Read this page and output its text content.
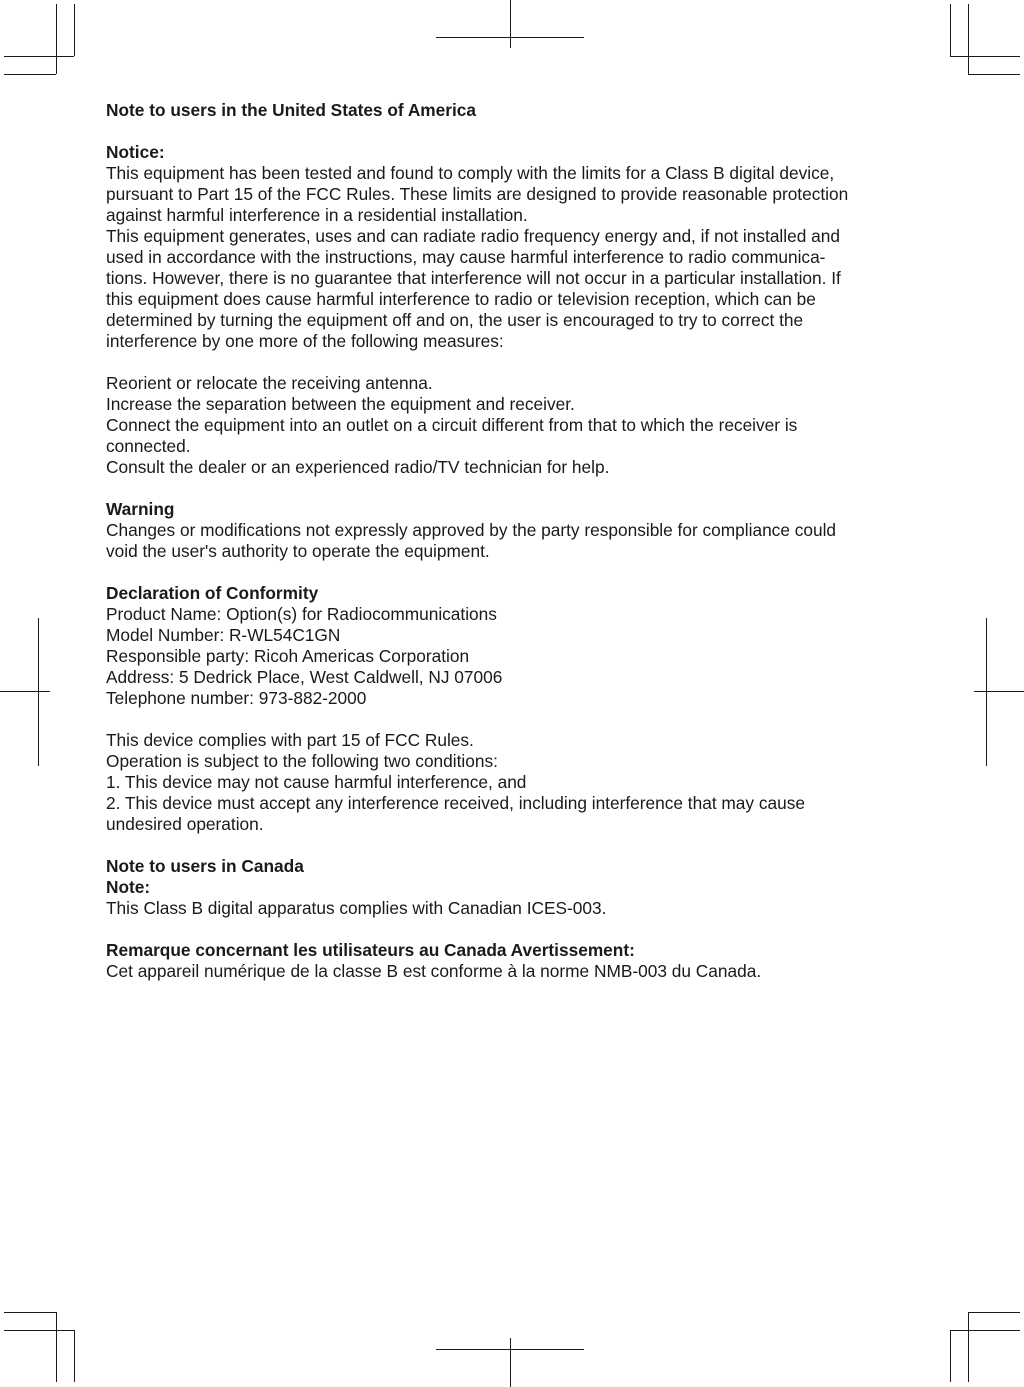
Note to users in the United States of America
Notice:
This equipment has been tested and found to comply with the limits for a Class B digital device,
pursuant to Part 15 of the FCC Rules. These limits are designed to provide reasonable protection
against harmful interference in a residential installation.
This equipment generates, uses and can radiate radio frequency energy and, if not installed and
used in accordance with the instructions, may cause harmful interference to radio communica-
tions. However, there is no guarantee that interference will not occur in a particular installation. If
this equipment does cause harmful interference to radio or television reception, which can be
determined by turning the equipment off and on, the user is encouraged to try to correct the
interference by one more of the following measures:
Reorient or relocate the receiving antenna.
Increase the separation between the equipment and receiver.
Connect the equipment into an outlet on a circuit different from that to which the receiver is
connected.
Consult the dealer or an experienced radio/TV technician for help.
Warning
Changes or modifications not expressly approved by the party responsible for compliance could
void the user's authority to operate the equipment.
Declaration of Conformity
Product Name: Option(s) for Radiocommunications
Model Number: R-WL54C1GN
Responsible party: Ricoh Americas Corporation
Address: 5 Dedrick Place, West Caldwell, NJ 07006
Telephone number: 973-882-2000
This device complies with part 15 of FCC Rules.
Operation is subject to the following two conditions:
1. This device may not cause harmful interference, and
2. This device must accept any interference received, including interference that may cause
undesired operation.
Note to users in Canada
Note:
This Class B digital apparatus complies with Canadian ICES-003.
Remarque concernant les utilisateurs au Canada Avertissement:
Cet appareil numérique de la classe B est conforme à la norme NMB-003 du Canada.
